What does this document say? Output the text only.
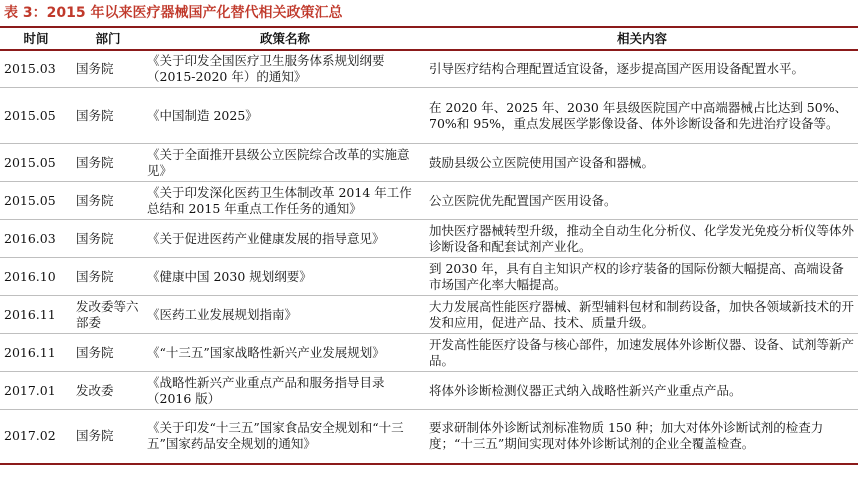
表 3：2015 年以来医疗器械国产化替代相关政策汇总
时间	部门	政策名称	相关内容
2015.03	国务院	《关于印发全国医疗卫生服务体系规划纲要（2015-2020 年）的通知》	引导医疗结构合理配置适宜设备，逐步提高国产医用设备配置水平。
2015.05	国务院	《中国制造 2025》	在 2020 年、2025 年、2030 年县级医院国产中高端器械占比达到 50%、70%和 95%，重点发展医学影像设备、体外诊断设备和先进治疗设备等。
2015.05	国务院	《关于全面推开县级公立医院综合改革的实施意见》	鼓励县级公立医院使用国产设备和器械。
2015.05	国务院	《关于印发深化医药卫生体制改革 2014 年工作总结和 2015 年重点工作任务的通知》	公立医院优先配置国产医用设备。
2016.03	国务院	《关于促进医药产业健康发展的指导意见》	加快医疗器械转型升级，推动全自动生化分析仪、化学发光免疫分析仪等体外诊断设备和配套试剂产业化。
2016.10	国务院	《健康中国 2030 规划纲要》	到 2030 年，具有自主知识产权的诊疗装备的国际份额大幅提高、高端设备市场国产化率大幅提高。
2016.11	发改委等六部委	《医药工业发展规划指南》	大力发展高性能医疗器械、新型辅料包材和制药设备，加快各领域新技术的开发和应用，促进产品、技术、质量升级。
2016.11	国务院	《“十三五”国家战略性新兴产业发展规划》	开发高性能医疗设备与核心部件，加速发展体外诊断仪器、设备、试剂等新产品。
2017.01	发改委	《战略性新兴产业重点产品和服务指导目录（2016 版）	将体外诊断检测仪器正式纳入战略性新兴产业重点产品。
2017.02	国务院	《关于印发“十三五”国家食品安全规划和“十三五”国家药品安全规划的通知》	要求研制体外诊断试剂标准物质 150 种；加大对体外诊断试剂的检查力度；“十三五”期间实现对体外诊断试剂的企业全覆盖检查。
